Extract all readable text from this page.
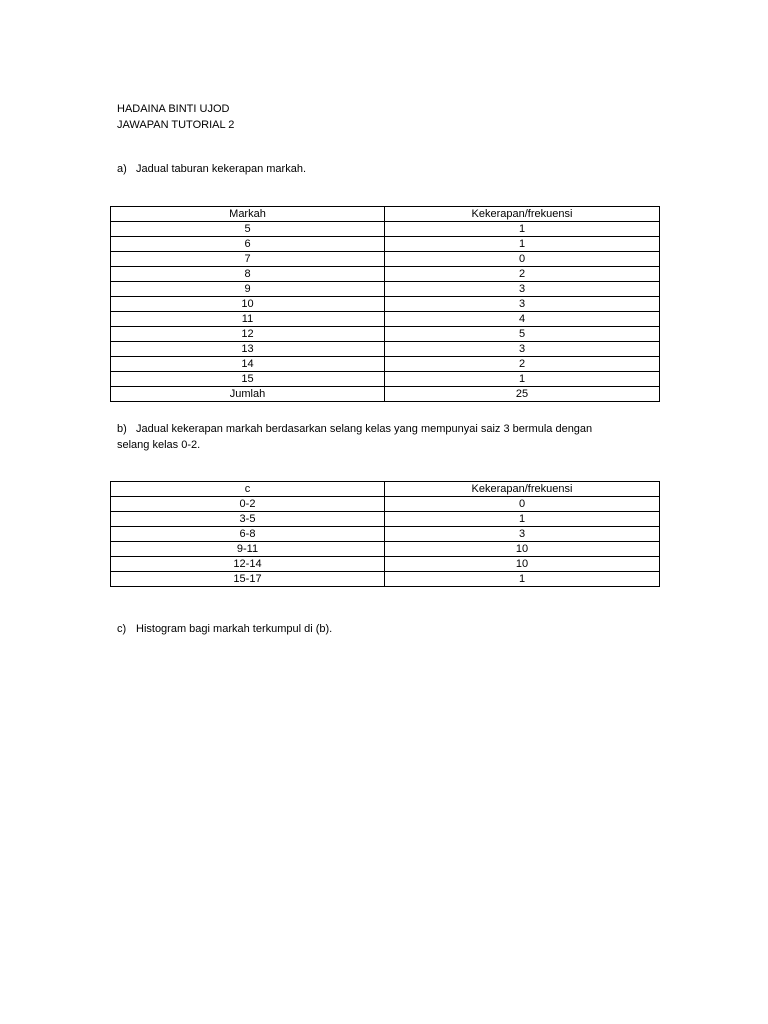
HADAINA BINTI UJOD
JAWAPAN TUTORIAL 2
a) Jadual taburan kekerapan markah.
Markah	Kekerapan/frekuensi
5	1
6	1
7	0
8	2
9	3
10	3
11	4
12	5
13	3
14	2
15	1
Jumlah	25
b) Jadual kekerapan markah berdasarkan selang kelas yang mempunyai saiz 3 bermula dengan
selang kelas 0-2.
c	Kekerapan/frekuensi
0-2	0
3-5	1
6-8	3
9-11	10
12-14	10
15-17	1
c) Histogram bagi markah terkumpul di (b).
